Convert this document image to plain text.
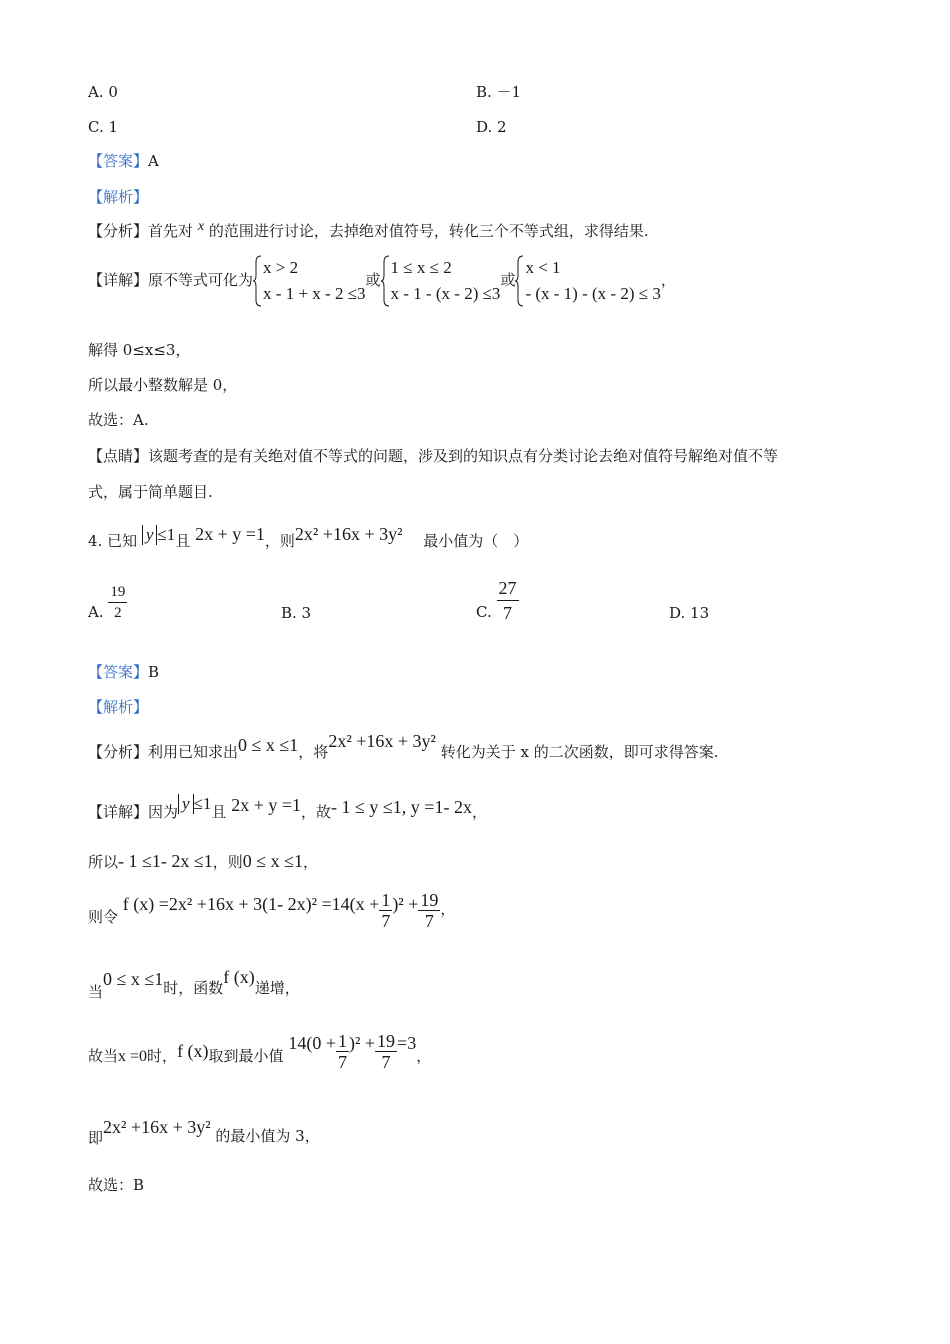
A. 0	B. －1
C. 1	D. 2
【答案】A
【解析】
【分析】首先对 x 的范围进行讨论，去掉绝对值符号，转化三个不等式组，求得结果.
【详解】原不等式可化为
x > 2
x - 1 + x - 2 ≤3
或
1 ≤ x ≤ 2
x - 1 - (x - 2) ≤3
或
x < 1
- (x - 1) - (x - 2) ≤ 3
，
解得 0≤x≤3，
所以最小整数解是 0，
故选：A.
【点睛】该题考查的是有关绝对值不等式的问题，涉及到的知识点有分类讨论去绝对值符号解绝对值不等
式，属于简单题目.
4. 已知 y ≤1且 2x + y =1，则2x² +16x + 3y² 最小值为（　）
A. $\frac{19}{2}$	B. 3	C. $\frac{27}{7}$	D. 13
【答案】B
【解析】
【分析】利用已知求出0 ≤ x ≤1，将2x² +16x + 3y² 转化为关于 x 的二次函数，即可求得答案.
【详解】因为 y ≤1且 2x + y =1，故- 1 ≤ y ≤1, y =1- 2x，
所以- 1 ≤1- 2x ≤1，则0 ≤ x ≤1，
则令 f (x) =2x² +16x + 3(1- $2x)^2 =14(x + \frac{1}{7} )^2 + \frac{19}{7}$ ，
当0 ≤ x ≤1时，函数f (x)递增，
故当x =0时，f (x)取到最小值 $14(0 + \frac{1}{7} )^2 + \frac{19}{7} =3$，
即2x² +16x + 3y² 的最小值为 3，
故选：B
